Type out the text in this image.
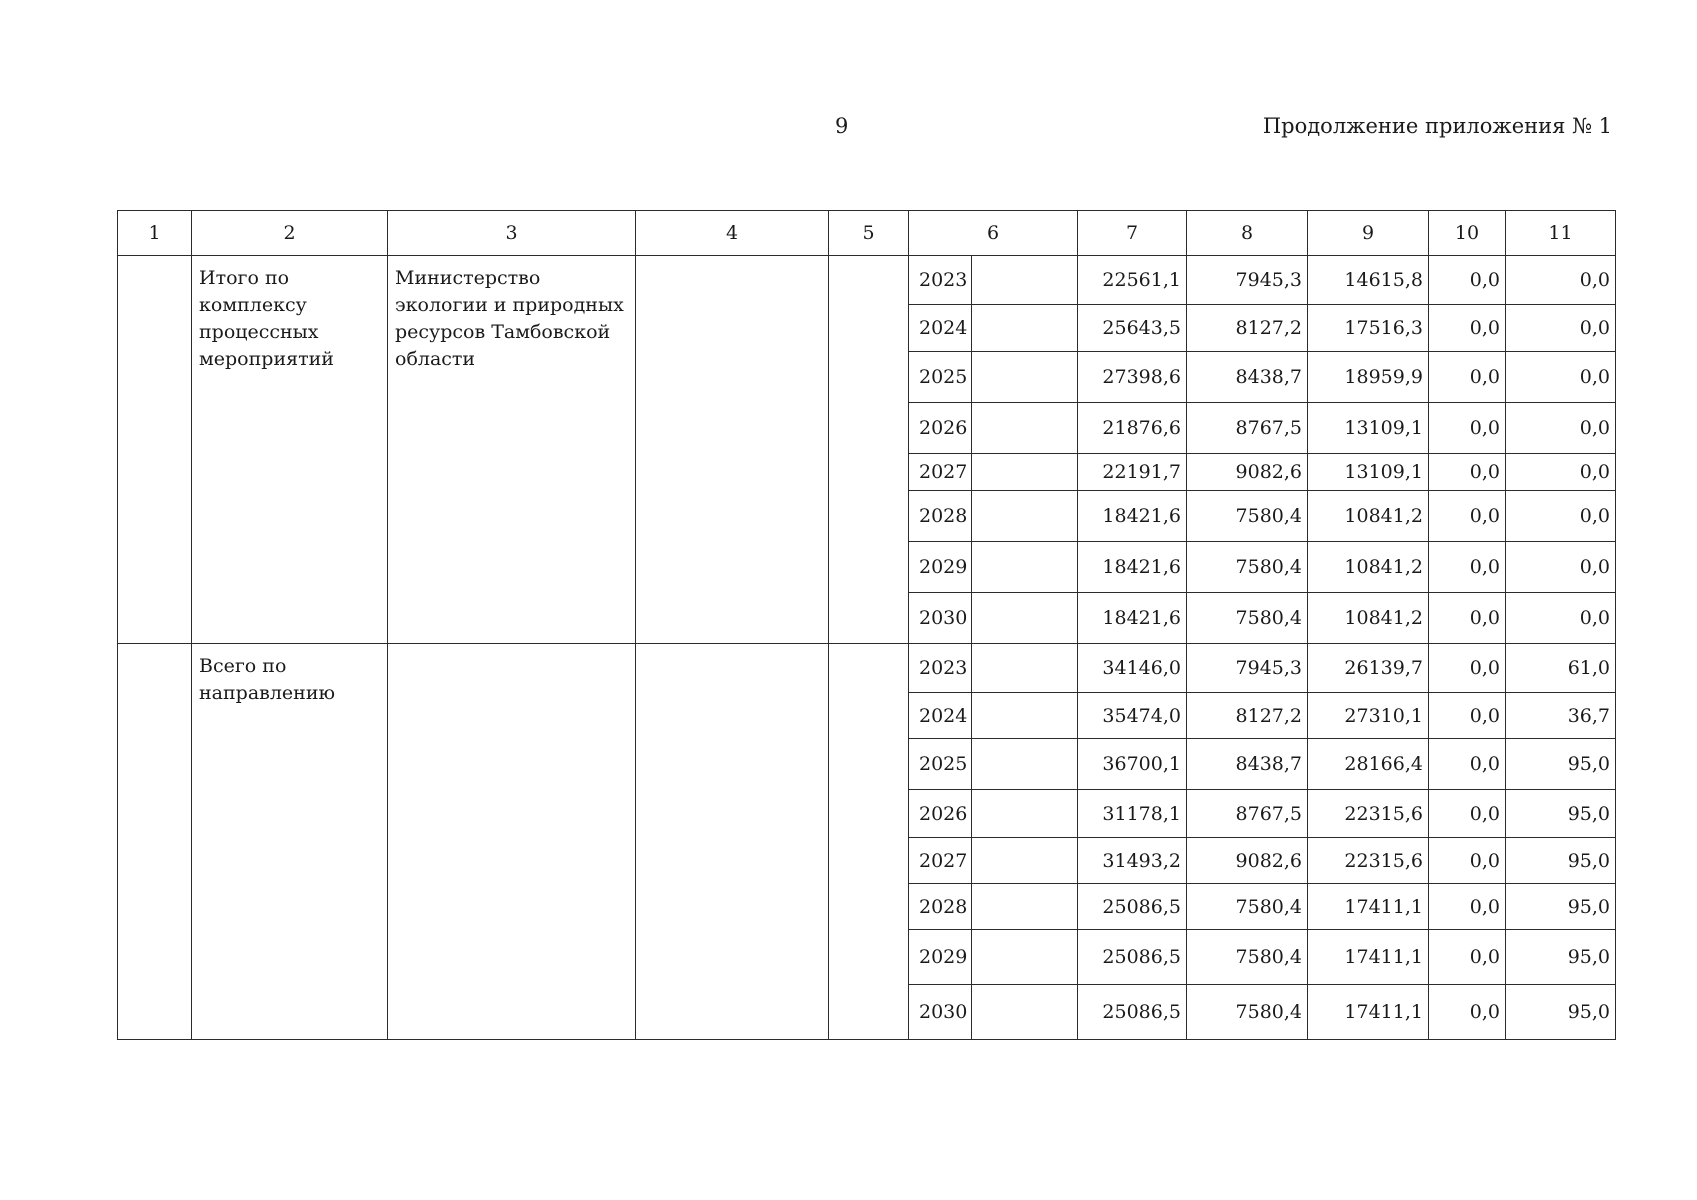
9	Продолжение приложения № 1
1	2	3	4	5	6		7	8	9	10	11
	Итого по комплексу процессных мероприятий	Министерство экологии и природных ресурсов Тамбовской области			2023		22561,1	7945,3	14615,8	0,0	0,0
					2024		25643,5	8127,2	17516,3	0,0	0,0
					2025		27398,6	8438,7	18959,9	0,0	0,0
					2026		21876,6	8767,5	13109,1	0,0	0,0
					2027		22191,7	9082,6	13109,1	0,0	0,0
					2028		18421,6	7580,4	10841,2	0,0	0,0
					2029		18421,6	7580,4	10841,2	0,0	0,0
					2030		18421,6	7580,4	10841,2	0,0	0,0
	Всего по направлению				2023		34146,0	7945,3	26139,7	0,0	61,0
					2024		35474,0	8127,2	27310,1	0,0	36,7
					2025		36700,1	8438,7	28166,4	0,0	95,0
					2026		31178,1	8767,5	22315,6	0,0	95,0
					2027		31493,2	9082,6	22315,6	0,0	95,0
					2028		25086,5	7580,4	17411,1	0,0	95,0
					2029		25086,5	7580,4	17411,1	0,0	95,0
					2030		25086,5	7580,4	17411,1	0,0	95,0
